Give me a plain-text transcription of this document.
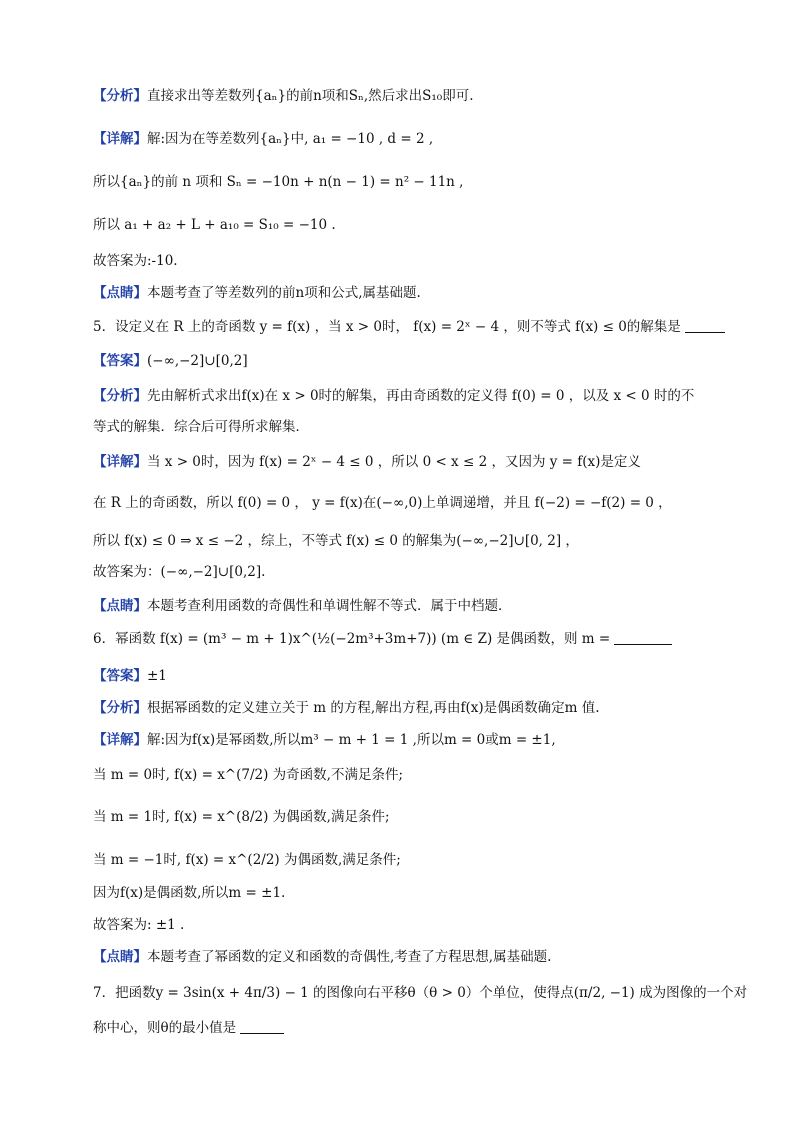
【分析】直接求出等差数列{aₙ}的前n项和Sₙ,然后求出S₁₀即可.
【详解】解:因为在等差数列{aₙ}中, a₁ = −10 , d = 2 ,
所以{aₙ}的前 n 项和 Sₙ = −10n + n(n − 1) = n² − 11n ,
所以 a₁ + a₂ + L + a₁₀ = S₁₀ = −10 .
故答案为:-10.
【点睛】本题考查了等差数列的前n项和公式,属基础题.
5．设定义在 R 上的奇函数 y = f(x) ，当 x > 0时， f(x) = 2ˣ − 4 ，则不等式 f(x) ≤ 0的解集是
【答案】(−∞,−2]∪[0,2]
【分析】先由解析式求出f(x)在 x > 0时的解集，再由奇函数的定义得 f(0) = 0 ，以及 x < 0 时的不
等式的解集．综合后可得所求解集．
【详解】当 x > 0时，因为 f(x) = 2ˣ − 4 ≤ 0 ，所以 0 < x ≤ 2 ，又因为 y = f(x)是定义
在 R 上的奇函数，所以 f(0) = 0 ， y = f(x)在(−∞,0)上单调递增，并且 f(−2) = −f(2) = 0 ，
所以 f(x) ≤ 0 ⇒ x ≤ −2 ，综上，不等式 f(x) ≤ 0 的解集为(−∞,−2]∪[0, 2] ，
故答案为：(−∞,−2]∪[0,2].
【点睛】本题考查利用函数的奇偶性和单调性解不等式．属于中档题．
6．幂函数 f(x) = (m³ − m + 1)x^(½(−2m³+3m+7)) (m ∈ Z) 是偶函数，则 m =
【答案】±1
【分析】根据幂函数的定义建立关于 m 的方程,解出方程,再由f(x)是偶函数确定m 值.
【详解】解:因为f(x)是幂函数,所以m³ − m + 1 = 1 ,所以m = 0或m = ±1,
当 m = 0时, f(x) = x^(7/2) 为奇函数,不满足条件;
当 m = 1时, f(x) = x^(8/2) 为偶函数,满足条件;
当 m = −1时, f(x) = x^(2/2) 为偶函数,满足条件;
因为f(x)是偶函数,所以m = ±1.
故答案为: ±1 .
【点睛】本题考查了幂函数的定义和函数的奇偶性,考查了方程思想,属基础题.
7．把函数y = 3sin(x + 4π/3) − 1 的图像向右平移θ（θ > 0）个单位，使得点(π/2, −1) 成为图像的一个对
称中心，则θ的最小值是
